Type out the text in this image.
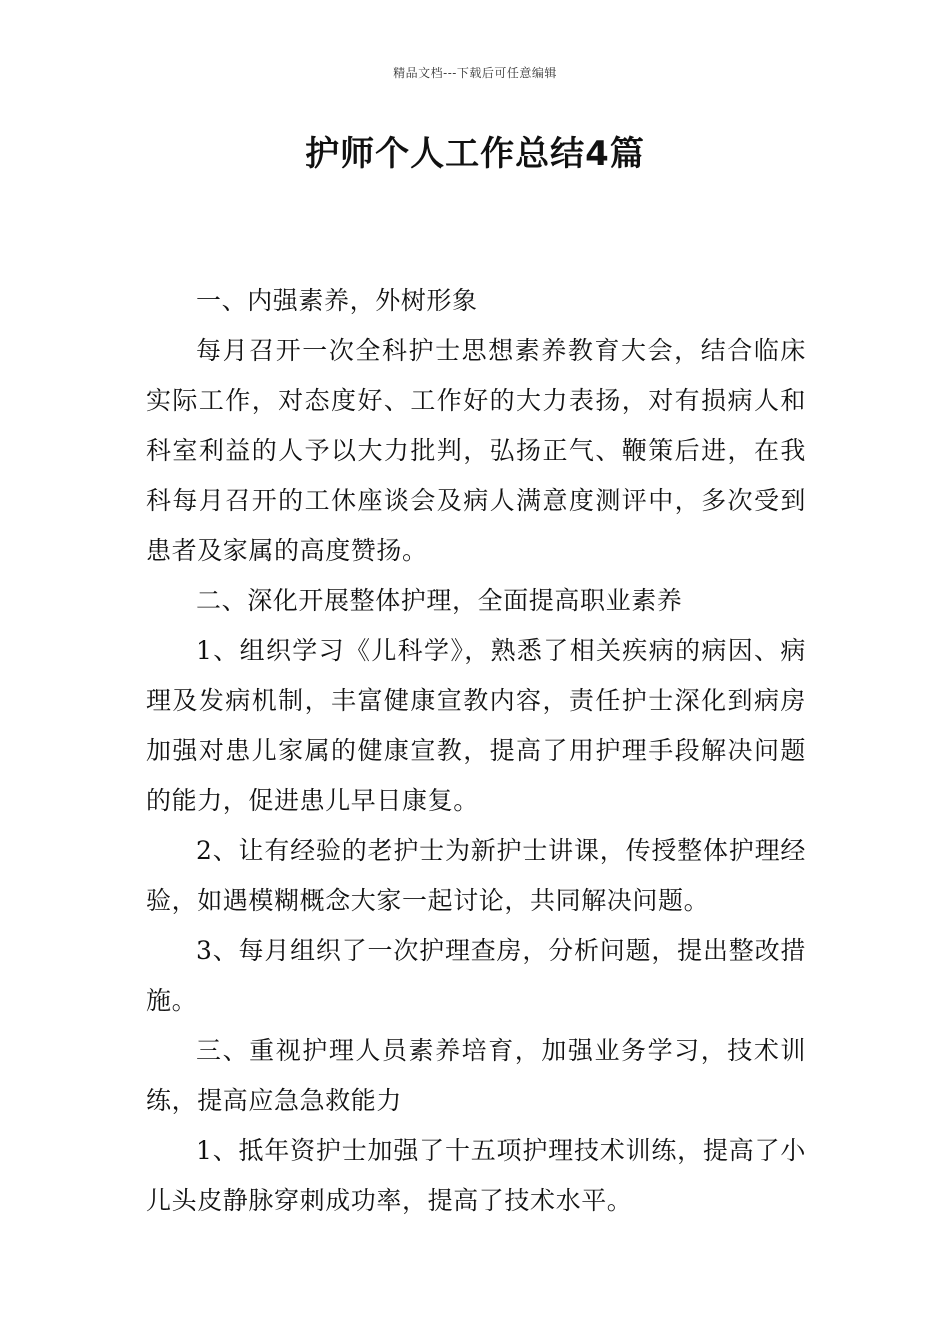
精品文档---下载后可任意编辑
护师个人工作总结4篇

一、内强素养，外树形象

每月召开一次全科护士思想素养教育大会，结合临床实际工作，对态度好、工作好的大力表扬，对有损病人和科室利益的人予以大力批判，弘扬正气、鞭策后进，在我科每月召开的工休座谈会及病人满意度测评中，多次受到患者及家属的高度赞扬。

二、深化开展整体护理，全面提高职业素养

1、组织学习《儿科学》，熟悉了相关疾病的病因、病理及发病机制，丰富健康宣教内容，责任护士深化到病房加强对患儿家属的健康宣教，提高了用护理手段解决问题的能力，促进患儿早日康复。

2、让有经验的老护士为新护士讲课，传授整体护理经验，如遇模糊概念大家一起讨论，共同解决问题。

3、每月组织了一次护理查房，分析问题，提出整改措施。

三、重视护理人员素养培育，加强业务学习，技术训练，提高应急急救能力

1、抵年资护士加强了十五项护理技术训练，提高了小儿头皮静脉穿刺成功率，提高了技术水平。
